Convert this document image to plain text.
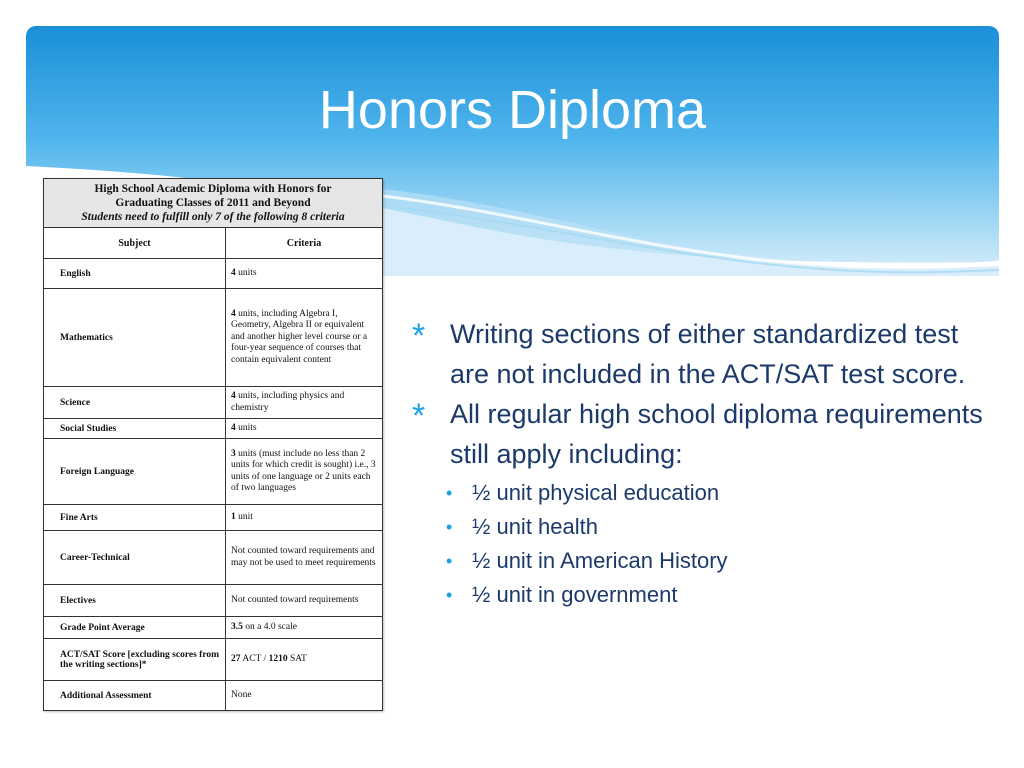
Honors Diploma
High School Academic Diploma with Honors for
Graduating Classes of 2011 and Beyond
Students need to fulfill only 7 of the following 8 criteria	

Subject	Criteria
English	4 units
Mathematics	4 units, including Algebra I, Geometry, Algebra II or equivalent and another higher level course or a four-year sequence of courses that contain equivalent content
Science	4 units, including physics and chemistry
Social Studies	4 units
Foreign Language	3 units (must include no less than 2 units for which credit is sought) i.e., 3 units of one language or 2 units each of two languages
Fine Arts	1 unit
Career-Technical	Not counted toward requirements and may not be used to meet requirements
Electives	Not counted toward requirements
Grade Point Average	3.5 on a 4.0 scale
ACT/SAT Score [excluding scores from the writing sections]*	27 ACT / 1210 SAT
Additional Assessment	None
* Writing sections of either standardized test are not included in the ACT/SAT test score.
* All regular high school diploma requirements still apply including:
• ½ unit physical education
• ½ unit health
• ½ unit in American History
• ½ unit in government
